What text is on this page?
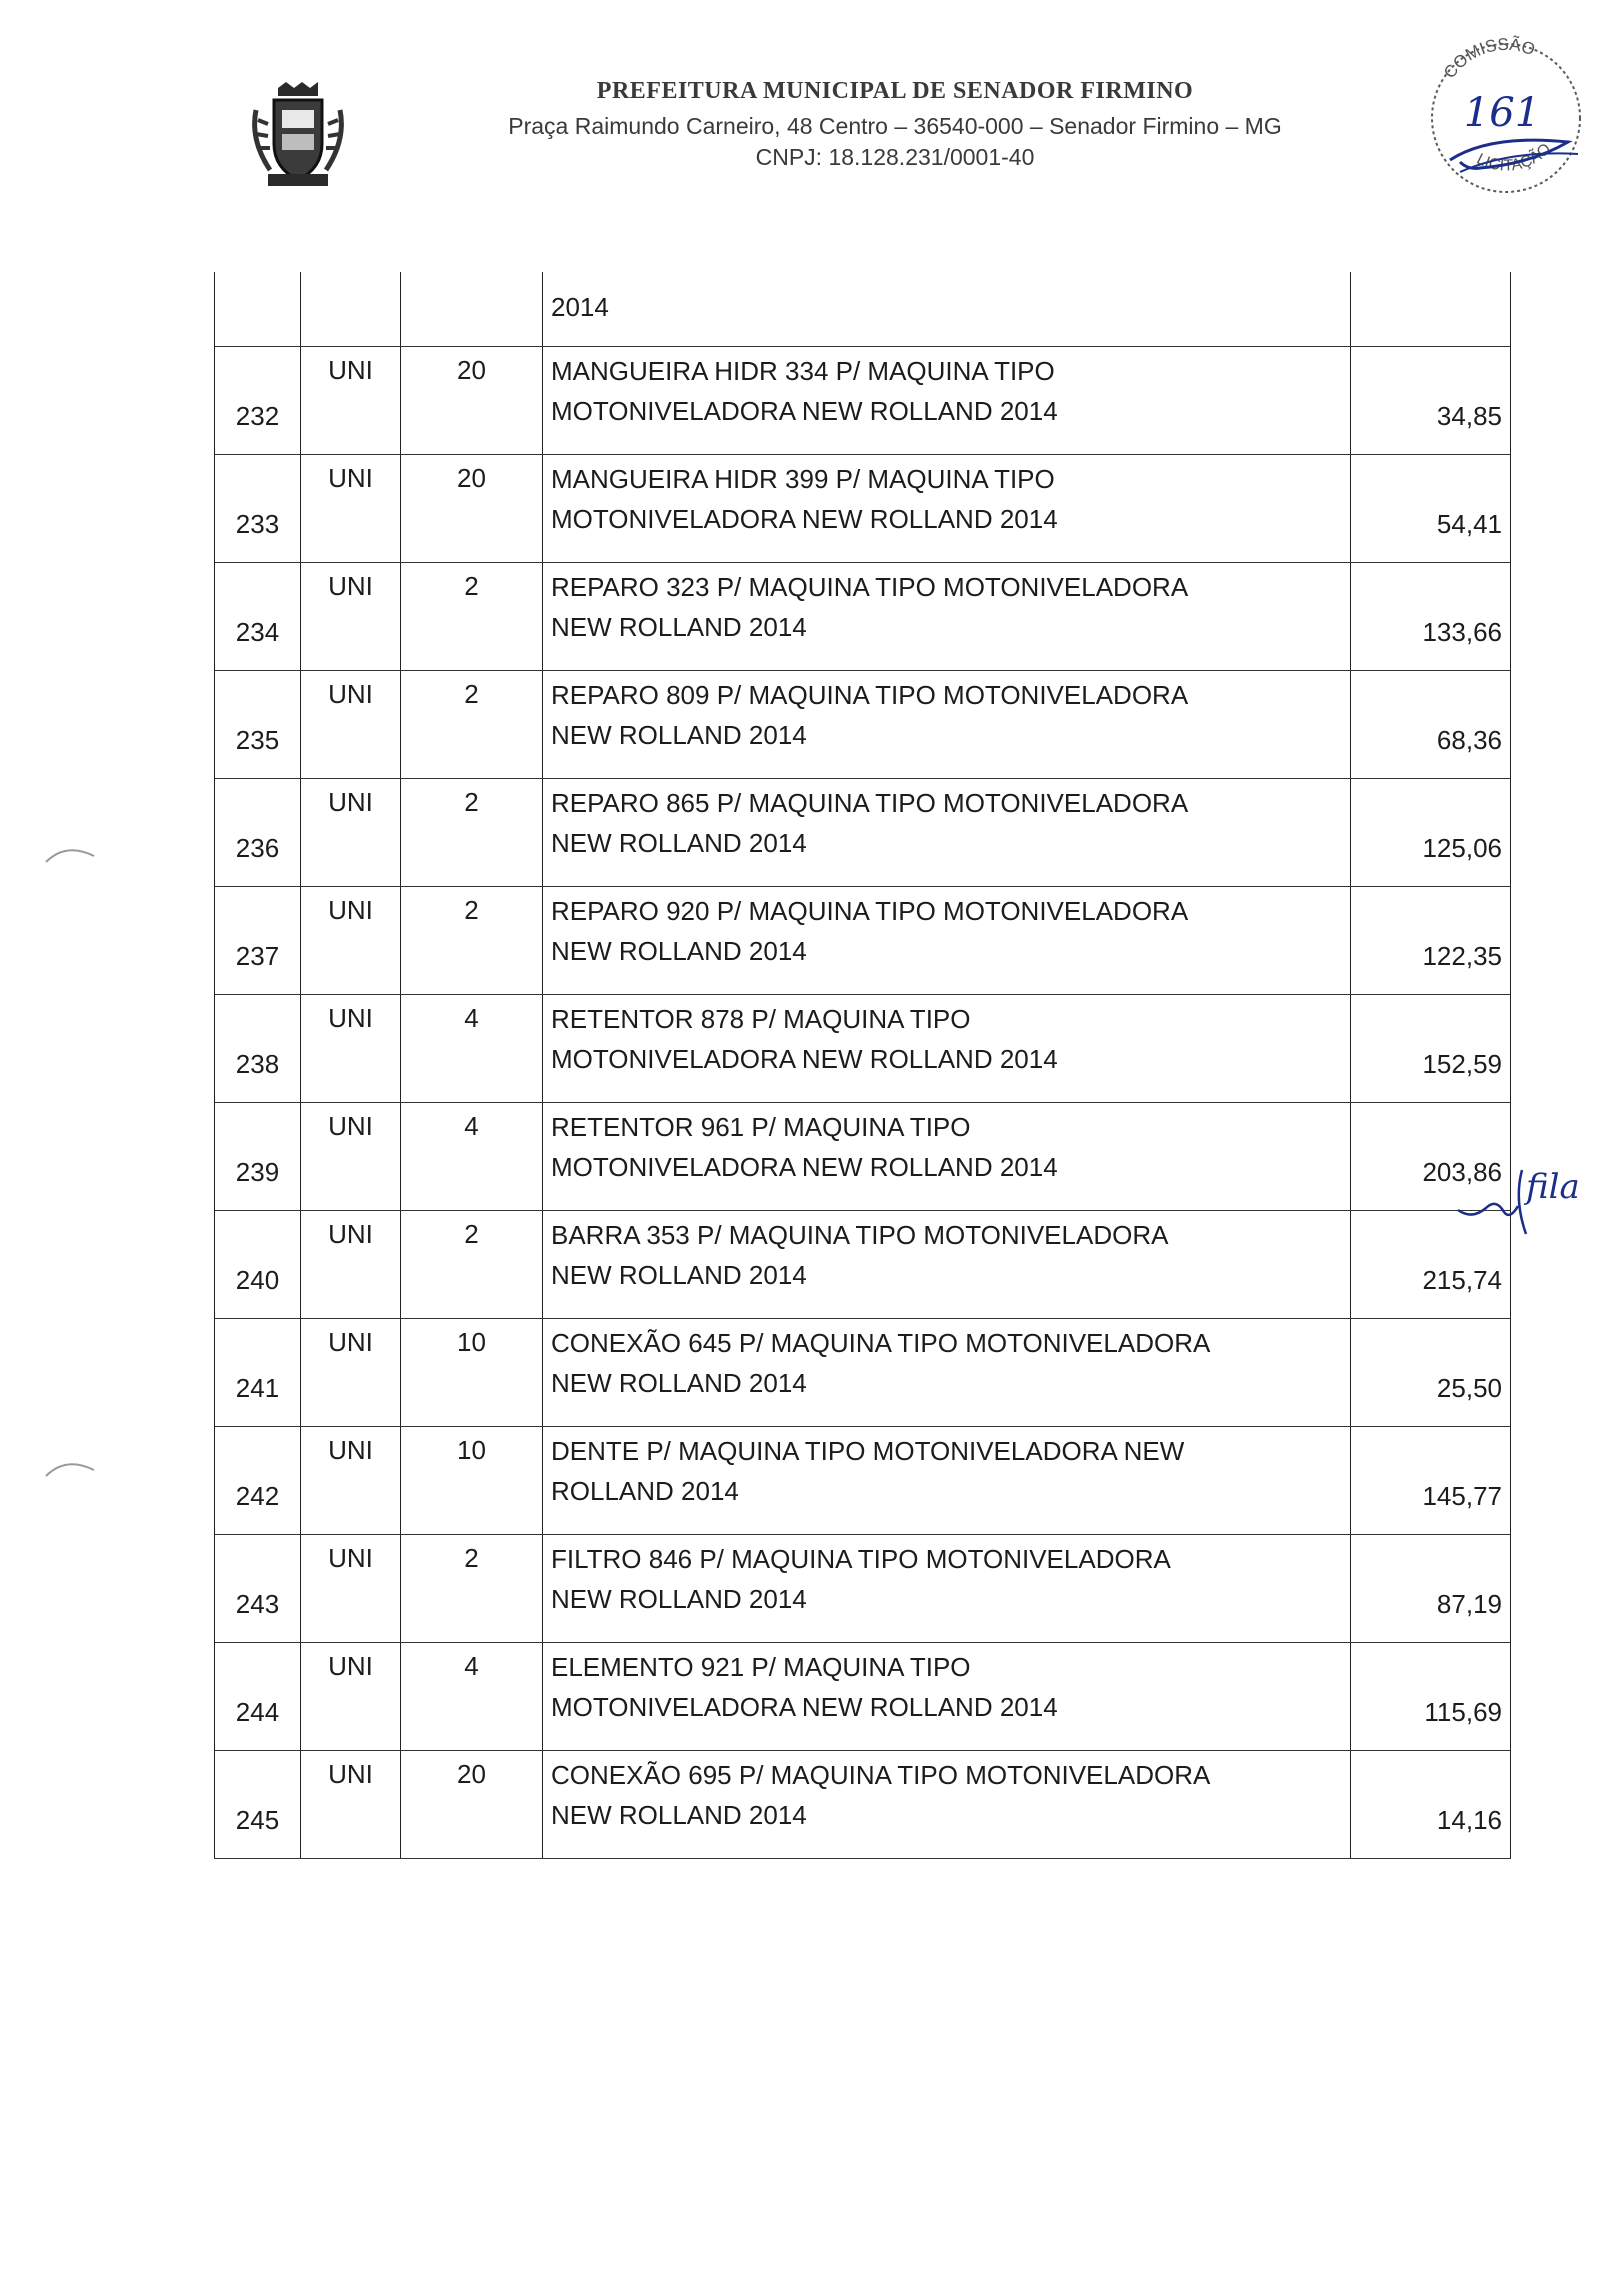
PREFEITURA MUNICIPAL DE SENADOR FIRMINO
Praça Raimundo Carneiro, 48 Centro – 36540-000 – Senador Firmino – MG
CNPJ: 18.128.231/0001-40
COMISSÃO
LICITAÇÃO
161
			2014	

232	UNI	20	MANGUEIRA HIDR 334 P/ MAQUINA TIPO
MOTONIVELADORA NEW ROLLAND 2014	34,85

233	UNI	20	MANGUEIRA HIDR 399 P/ MAQUINA TIPO
MOTONIVELADORA NEW ROLLAND 2014	54,41

234	UNI	2	REPARO 323 P/ MAQUINA TIPO MOTONIVELADORA
NEW ROLLAND 2014	133,66

235	UNI	2	REPARO 809 P/ MAQUINA TIPO MOTONIVELADORA
NEW ROLLAND 2014	68,36

236	UNI	2	REPARO 865 P/ MAQUINA TIPO MOTONIVELADORA
NEW ROLLAND 2014	125,06

237	UNI	2	REPARO 920 P/ MAQUINA TIPO MOTONIVELADORA
NEW ROLLAND 2014	122,35

238	UNI	4	RETENTOR 878 P/ MAQUINA TIPO
MOTONIVELADORA NEW ROLLAND 2014	152,59

239	UNI	4	RETENTOR 961 P/ MAQUINA TIPO
MOTONIVELADORA NEW ROLLAND 2014	203,86

240	UNI	2	BARRA 353 P/ MAQUINA TIPO MOTONIVELADORA
NEW ROLLAND 2014	215,74

241	UNI	10	CONEXÃO 645 P/ MAQUINA TIPO MOTONIVELADORA
NEW ROLLAND 2014	25,50

242	UNI	10	DENTE P/ MAQUINA TIPO MOTONIVELADORA NEW
ROLLAND 2014	145,77

243	UNI	2	FILTRO 846 P/ MAQUINA TIPO MOTONIVELADORA
NEW ROLLAND 2014	87,19

244	UNI	4	ELEMENTO 921 P/ MAQUINA TIPO
MOTONIVELADORA NEW ROLLAND 2014	115,69

245	UNI	20	CONEXÃO 695 P/ MAQUINA TIPO MOTONIVELADORA
NEW ROLLAND 2014	14,16
fila
